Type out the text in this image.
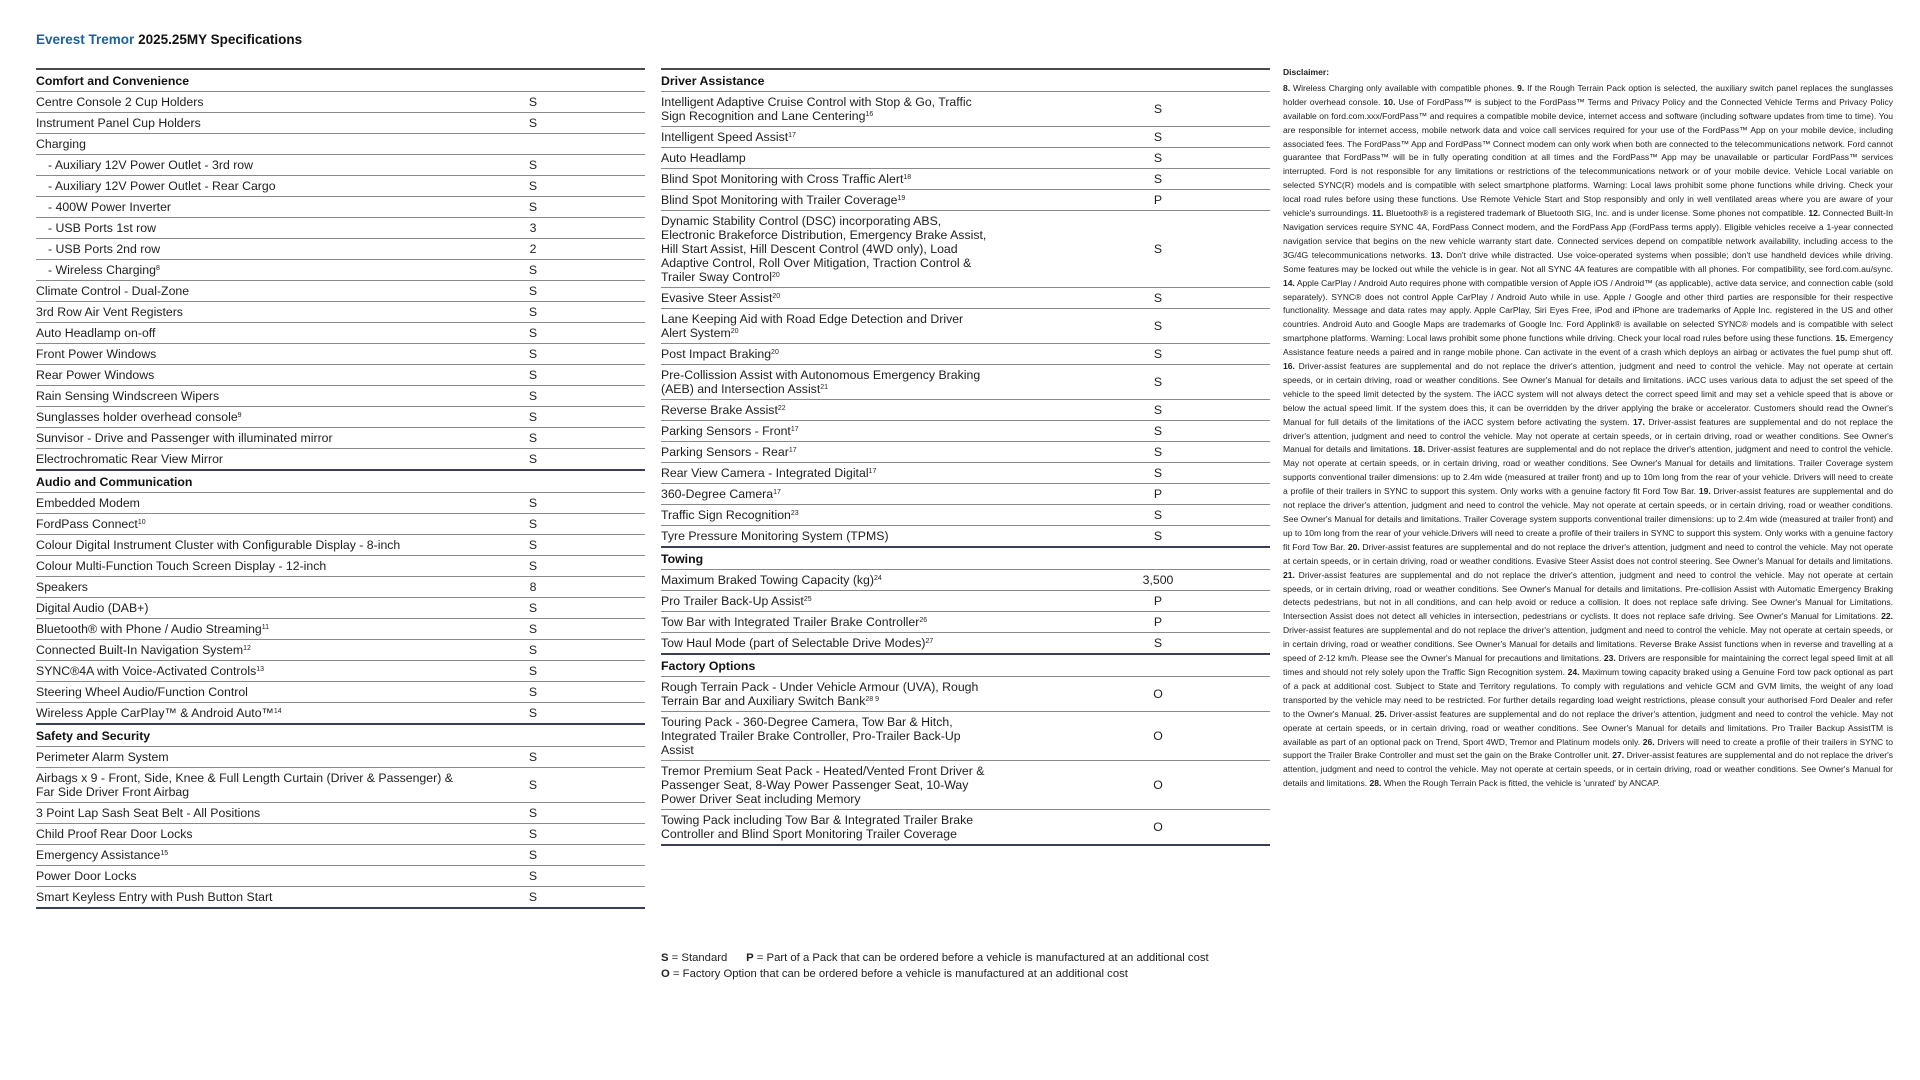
Everest Tremor 2025.25MY Specifications
Comfort and Convenience	
Centre Console 2 Cup Holders	S
Instrument Panel Cup Holders	S
Charging	
- Auxiliary 12V Power Outlet - 3rd row	S
- Auxiliary 12V Power Outlet - Rear Cargo	S
- 400W Power Inverter	S
- USB Ports 1st row	3
- USB Ports 2nd row	2
- Wireless Charging$^8$	S
Climate Control - Dual-Zone	S
3rd Row Air Vent Registers	S
Auto Headlamp on-off	S
Front Power Windows	S
Rear Power Windows	S
Rain Sensing Windscreen Wipers	S
Sunglasses holder overhead console$^9$	S
Sunvisor - Drive and Passenger with illuminated mirror	S
Electrochromatic Rear View Mirror	S
Audio and Communication	
Embedded Modem	S
FordPass Connect$^{10}$	S
Colour Digital Instrument Cluster with Configurable Display - 8-inch	S
Colour Multi-Function Touch Screen Display - 12-inch	S
Speakers	8
Digital Audio (DAB+)	S
Bluetooth® with Phone / Audio Streaming$^{11}$	S
Connected Built-In Navigation System$^{12}$	S
SYNC®4A with Voice-Activated Controls$^{13}$	S
Steering Wheel Audio/Function Control	S
Wireless Apple CarPlay™ & Android Auto™$^{14}$	S
Safety and Security	
Perimeter Alarm System	S
Airbags x 9 - Front, Side, Knee & Full Length Curtain (Driver & Passenger) & Far Side Driver Front Airbag	S
3 Point Lap Sash Seat Belt - All Positions	S
Child Proof Rear Door Locks	S
Emergency Assistance$^{15}$	S
Power Door Locks	S
Smart Keyless Entry with Push Button Start	S
Driver Assistance	
Intelligent Adaptive Cruise Control with Stop & Go, Traffic Sign Recognition and Lane Centering$^{16}$	S
Intelligent Speed Assist$^{17}$	S
Auto Headlamp	S
Blind Spot Monitoring with Cross Traffic Alert$^{18}$	S
Blind Spot Monitoring with Trailer Coverage$^{19}$	P
Dynamic Stability Control (DSC) incorporating ABS, Electronic Brakeforce Distribution, Emergency Brake Assist, Hill Start Assist, Hill Descent Control (4WD only), Load Adaptive Control, Roll Over Mitigation, Traction Control & Trailer Sway Control$^{20}$	S
Evasive Steer Assist$^{20}$	S
Lane Keeping Aid with Road Edge Detection and Driver Alert System$^{20}$	S
Post Impact Braking$^{20}$	S
Pre-Collission Assist with Autonomous Emergency Braking (AEB) and Intersection Assist$^{21}$	S
Reverse Brake Assist$^{22}$	S
Parking Sensors - Front$^{17}$	S
Parking Sensors - Rear$^{17}$	S
Rear View Camera - Integrated Digital$^{17}$	S
360-Degree Camera$^{17}$	P
Traffic Sign Recognition$^{23}$	S
Tyre Pressure Monitoring System (TPMS)	S
Towing	
Maximum Braked Towing Capacity (kg)$^{24}$	3,500
Pro Trailer Back-Up Assist$^{25}$	P
Tow Bar with Integrated Trailer Brake Controller$^{26}$	P
Tow Haul Mode (part of Selectable Drive Modes)$^{27}$	S
Factory Options	
Rough Terrain Pack - Under Vehicle Armour (UVA), Rough Terrain Bar and Auxiliary Switch Bank$^{28 9}$	O
Touring Pack - 360-Degree Camera, Tow Bar & Hitch, Integrated Trailer Brake Controller, Pro-Trailer Back-Up Assist	O
Tremor Premium Seat Pack - Heated/Vented Front Driver & Passenger Seat, 8-Way Power Passenger Seat, 10-Way Power Driver Seat including Memory	O
Towing Pack including Tow Bar & Integrated Trailer Brake Controller and Blind Sport Monitoring Trailer Coverage	O
S = Standard P = Part of a Pack that can be ordered before a vehicle is manufactured at an additional cost
O = Factory Option that can be ordered before a vehicle is manufactured at an additional cost
Disclaimer:
8. Wireless Charging only available with compatible phones. 9. If the Rough Terrain Pack option is selected, the auxiliary switch panel replaces the sunglasses holder overhead console. 10. Use of FordPass™ is subject to the FordPass™ Terms and Privacy Policy and the Connected Vehicle Terms and Privacy Policy available on ford.com.xxx/FordPass™ and requires a compatible mobile device, internet access and software (including software updates from time to time). You are responsible for internet access, mobile network data and voice call services required for your use of the FordPass™ App on your mobile device, including associated fees. The FordPass™ App and FordPass™ Connect modem can only work when both are connected to the telecommunications network. Ford cannot guarantee that FordPass™ will be in fully operating condition at all times and the FordPass™ App may be unavailable or particular FordPass™ services interrupted. Ford is not responsible for any limitations or restrictions of the telecommunications network or of your mobile device. Vehicle Local variable on selected SYNC(R) models and is compatible with select smartphone platforms. Warning: Local laws prohibit some phone functions while driving. Check your local road rules before using these functions. Use Remote Vehicle Start and Stop responsibly and only in well ventilated areas where you are aware of your vehicle's surroundings. 11. Bluetooth® is a registered trademark of Bluetooth SIG, Inc. and is under license. Some phones not compatible. 12. Connected Built-In Navigation services require SYNC 4A, FordPass Connect modem, and the FordPass App (FordPass terms apply). Eligible vehicles receive a 1-year connected navigation service that begins on the new vehicle warranty start date. Connected services depend on compatible network availability, including access to the 3G/4G telecommunications networks. 13. Don't drive while distracted. Use voice-operated systems when possible; don't use handheld devices while driving. Some features may be locked out while the vehicle is in gear. Not all SYNC 4A features are compatible with all phones. For compatibility, see ford.com.au/sync. 14. Apple CarPlay / Android Auto requires phone with compatible version of Apple iOS / Android™ (as applicable), active data service, and connection cable (sold separately). SYNC® does not control Apple CarPlay / Android Auto while in use. Apple / Google and other third parties are responsible for their respective functionality. Message and data rates may apply. Apple CarPlay, Siri Eyes Free, iPod and iPhone are trademarks of Apple Inc. registered in the US and other countries. Android Auto and Google Maps are trademarks of Google Inc. Ford Applink® is available on selected SYNC® models and is compatible with select smartphone platforms. Warning: Local laws prohibit some phone functions while driving. Check your local road rules before using these functions. 15. Emergency Assistance feature needs a paired and in range mobile phone. Can activate in the event of a crash which deploys an airbag or activates the fuel pump shut off. 16. Driver-assist features are supplemental and do not replace the driver's attention, judgment and need to control the vehicle. May not operate at certain speeds, or in certain driving, road or weather conditions. See Owner's Manual for details and limitations. iACC uses various data to adjust the set speed of the vehicle to the speed limit detected by the system. The iACC system will not always detect the correct speed limit and may set a vehicle speed that is above or below the actual speed limit. If the system does this, it can be overridden by the driver applying the brake or accelerator. Customers should read the Owner's Manual for full details of the limitations of the iACC system before activating the system. 17. Driver-assist features are supplemental and do not replace the driver's attention, judgment and need to control the vehicle. May not operate at certain speeds, or in certain driving, road or weather conditions. See Owner's Manual for details and limitations. 18. Driver-assist features are supplemental and do not replace the driver's attention, judgment and need to control the vehicle. May not operate at certain speeds, or in certain driving, road or weather conditions. See Owner's Manual for details and limitations. Trailer Coverage system supports conventional trailer dimensions: up to 2.4m wide (measured at trailer front) and up to 10m long from the rear of your vehicle. Drivers will need to create a profile of their trailers in SYNC to support this system. Only works with a genuine factory fit Ford Tow Bar. 19. Driver-assist features are supplemental and do not replace the driver's attention, judgment and need to control the vehicle. May not operate at certain speeds, or in certain driving, road or weather conditions. See Owner's Manual for details and limitations. Trailer Coverage system supports conventional trailer dimensions: up to 2.4m wide (measured at trailer front) and up to 10m long from the rear of your vehicle.Drivers will need to create a profile of their trailers in SYNC to support this system. Only works with a genuine factory fit Ford Tow Bar. 20. Driver-assist features are supplemental and do not replace the driver's attention, judgment and need to control the vehicle. May not operate at certain speeds, or in certain driving, road or weather conditions. Evasive Steer Assist does not control steering. See Owner's Manual for details and limitations. 21. Driver-assist features are supplemental and do not replace the driver's attention, judgment and need to control the vehicle. May not operate at certain speeds, or in certain driving, road or weather conditions. See Owner's Manual for details and limitations. Pre-collision Assist with Automatic Emergency Braking detects pedestrians, but not in all conditions, and can help avoid or reduce a collision. It does not replace safe driving. See Owner's Manual for Limitations. Intersection Assist does not detect all vehicles in intersection, pedestrians or cyclists. It does not replace safe driving. See Owner's Manual for Limitations. 22. Driver-assist features are supplemental and do not replace the driver's attention, judgment and need to control the vehicle. May not operate at certain speeds, or in certain driving, road or weather conditions. See Owner's Manual for details and limitations. Reverse Brake Assist functions when in reverse and travelling at a speed of 2-12 km/h. Please see the Owner's Manual for precautions and limitations. 23. Drivers are responsible for maintaining the correct legal speed limit at all times and should not rely solely upon the Traffic Sign Recognition system. 24. Maximum towing capacity braked using a Genuine Ford tow pack optional as part of a pack at additional cost. Subject to State and Territory regulations. To comply with regulations and vehicle GCM and GVM limits, the weight of any load transported by the vehicle may need to be restricted. For further details regarding load weight restrictions, please consult your authorised Ford Dealer and refer to the Owner's Manual. 25. Driver-assist features are supplemental and do not replace the driver's attention, judgment and need to control the vehicle. May not operate at certain speeds, or in certain driving, road or weather conditions. See Owner's Manual for details and limitations. Pro Trailer Backup AssistTM is available as part of an optional pack on Trend, Sport 4WD, Tremor and Platinum models only. 26. Drivers will need to create a profile of their trailers in SYNC to support the Trailer Brake Controller and must set the gain on the Brake Controller unit. 27. Driver-assist features are supplemental and do not replace the driver's attention, judgment and need to control the vehicle. May not operate at certain speeds, or in certain driving, road or weather conditions. See Owner's Manual for details and limitations. 28. When the Rough Terrain Pack is fitted, the vehicle is 'unrated' by ANCAP.
